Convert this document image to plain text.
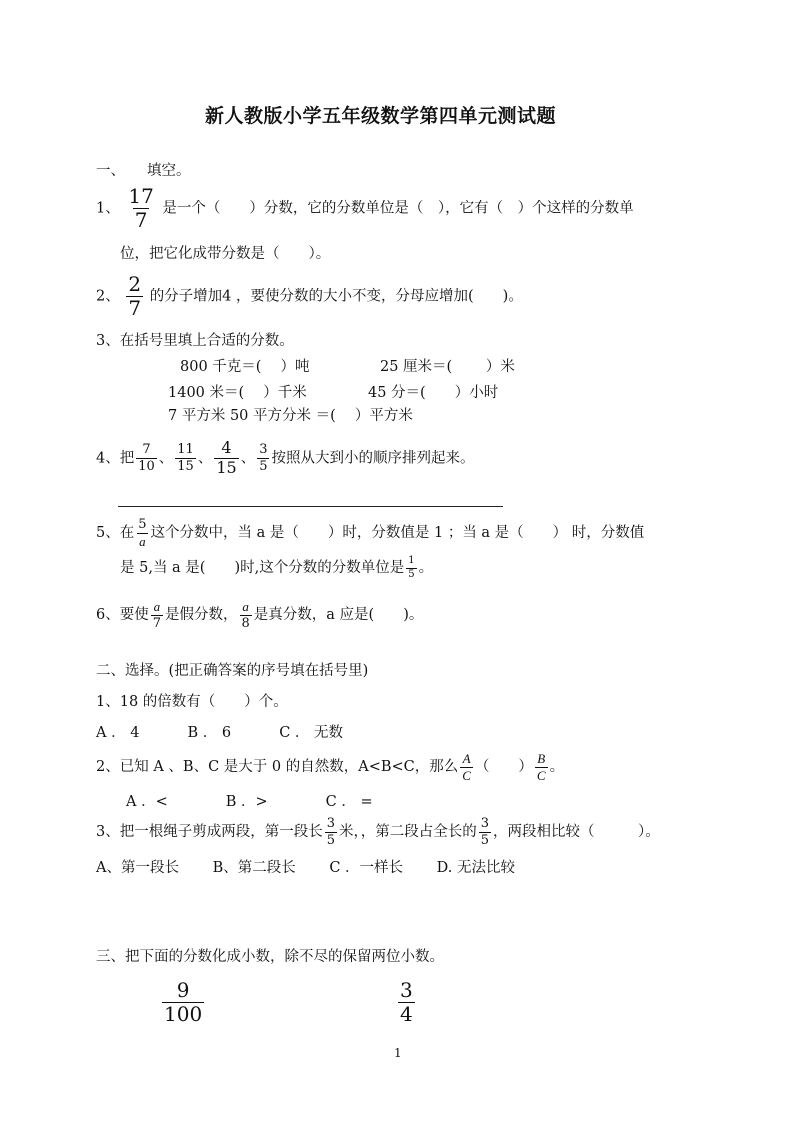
新人教版小学五年级数学第四单元测试题
一、 填空。
1、 $\frac{17}{7}$ 是一个（　　）分数，它的分数单位是（　），它有（　）个这样的分数单
位，把它化成带分数是（　　）。
2、 $\frac{2}{7}$ 的分子增加4 ，要使分数的大小不变，分母应增加(　　)。
3、在括号里填上合适的分数。
800 千克＝(　 ）吨	25 厘米＝(　　 ）米
1400 米＝(　 ）千米	45 分＝(　　）小时
7 平方米 50 平方分米 ＝(　 ）平方米
4、把 $\frac{7}{10}$ 、 $\frac{11}{15}$ 、 $\frac{4}{15}$ 、 $\frac{3}{5}$ 按照从大到小的顺序排列起来。
5、在 $\frac{5}{a}$ 这个分数中，当 a 是（　　）时，分数值是 1 ；当 a 是（　　） 时，分数值
是 5,当 a 是(　　)时,这个分数的分数单位是 $\frac{1}{5}$ 。
6、要使 $\frac{a}{7}$ 是假分数， $\frac{a}{8}$ 是真分数，a 应是(　　)。
二、选择。(把正确答案的序号填在括号里)
1、18 的倍数有（　　）个。
A ． 4　　　 B ． 6　　　 C ． 无数
2、已知 A 、B、C 是大于 0 的自然数，A<B<C，那么 $\frac{A}{C}$ （　　） $\frac{B}{C}$ 。
A ．<　　　　B ．>　　　　C ． =
3、把一根绳子剪成两段，第一段长 $\frac{3}{5}$ 米，，第二段占全长的 $\frac{3}{5}$ ，两段相比较（　　　）。
A、第一段长　　 B、第二段长　　 C ．一样长　　 D. 无法比较
三、把下面的分数化成小数，除不尽的保留两位小数。
$\frac{9}{100}$	$\frac{3}{4}$
1
